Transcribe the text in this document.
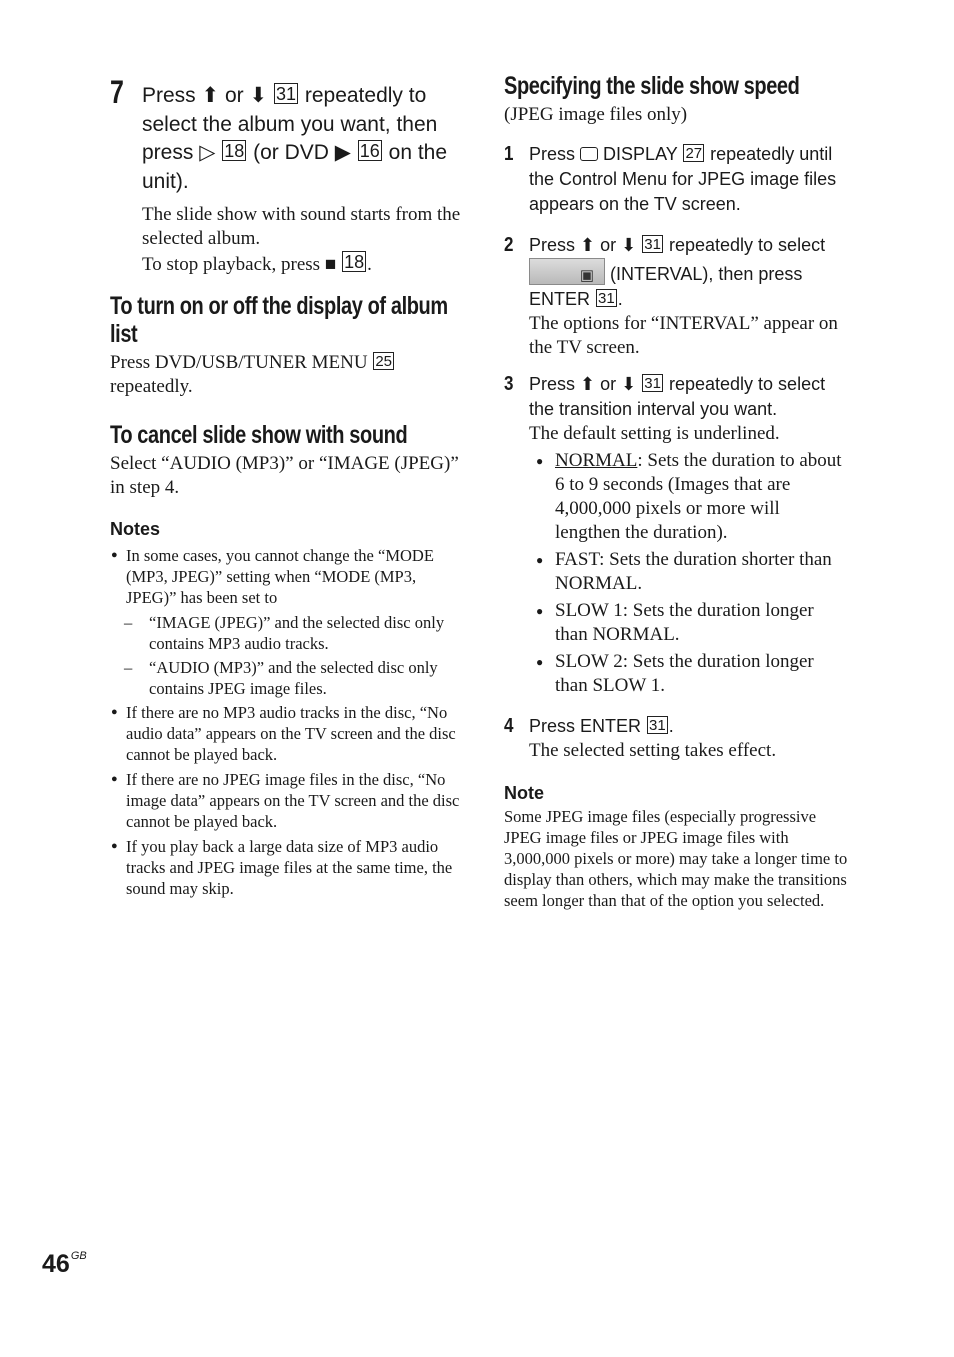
7 Press ⬆ or ⬇ 31 repeatedly to select the album you want, then press ▷ 18 (or DVD ▶ 16 on the unit).
The slide show with sound starts from the selected album.
To stop playback, press ■ 18 .
To turn on or off the display of album
list
Press DVD/USB/TUNER MENU 25 repeatedly.
To cancel slide show with sound
Select “AUDIO (MP3)” or “IMAGE (JPEG)” in step 4.
Notes
● In some cases, you cannot change the “MODE (MP3, JPEG)” setting when “MODE (MP3, JPEG)” has been set to
– “IMAGE (JPEG)” and the selected disc only contains MP3 audio tracks.
– “AUDIO (MP3)” and the selected disc only contains JPEG image files.
● If there are no MP3 audio tracks in the disc, “No audio data” appears on the TV screen and the disc cannot be played back.
● If there are no JPEG image files in the disc, “No image data” appears on the TV screen and the disc cannot be played back.
● If you play back a large data size of MP3 audio tracks and JPEG image files at the same time, the sound may skip.
Specifying the slide show speed
(JPEG image files only)
1 Press DISPLAY 27 repeatedly until the Control Menu for JPEG image files appears on the TV screen.
2 Press ⬆ or ⬇ 31 repeatedly to select
▣ (INTERVAL), then press ENTER 31 .
The options for “INTERVAL” appear on the TV screen.
3 Press ⬆ or ⬇ 31 repeatedly to select the transition interval you want.
The default setting is underlined.
● NORMAL: Sets the duration to about 6 to 9 seconds (Images that are 4,000,000 pixels or more will lengthen the duration).
● FAST: Sets the duration shorter than NORMAL.
● SLOW 1: Sets the duration longer than NORMAL.
● SLOW 2: Sets the duration longer than SLOW 1.
4 Press ENTER 31 .
The selected setting takes effect.
Note
Some JPEG image files (especially progressive JPEG image files or JPEG image files with 3,000,000 pixels or more) may take a longer time to display than others, which may make the transitions seem longer than that of the option you selected.
$46^{GB}$
